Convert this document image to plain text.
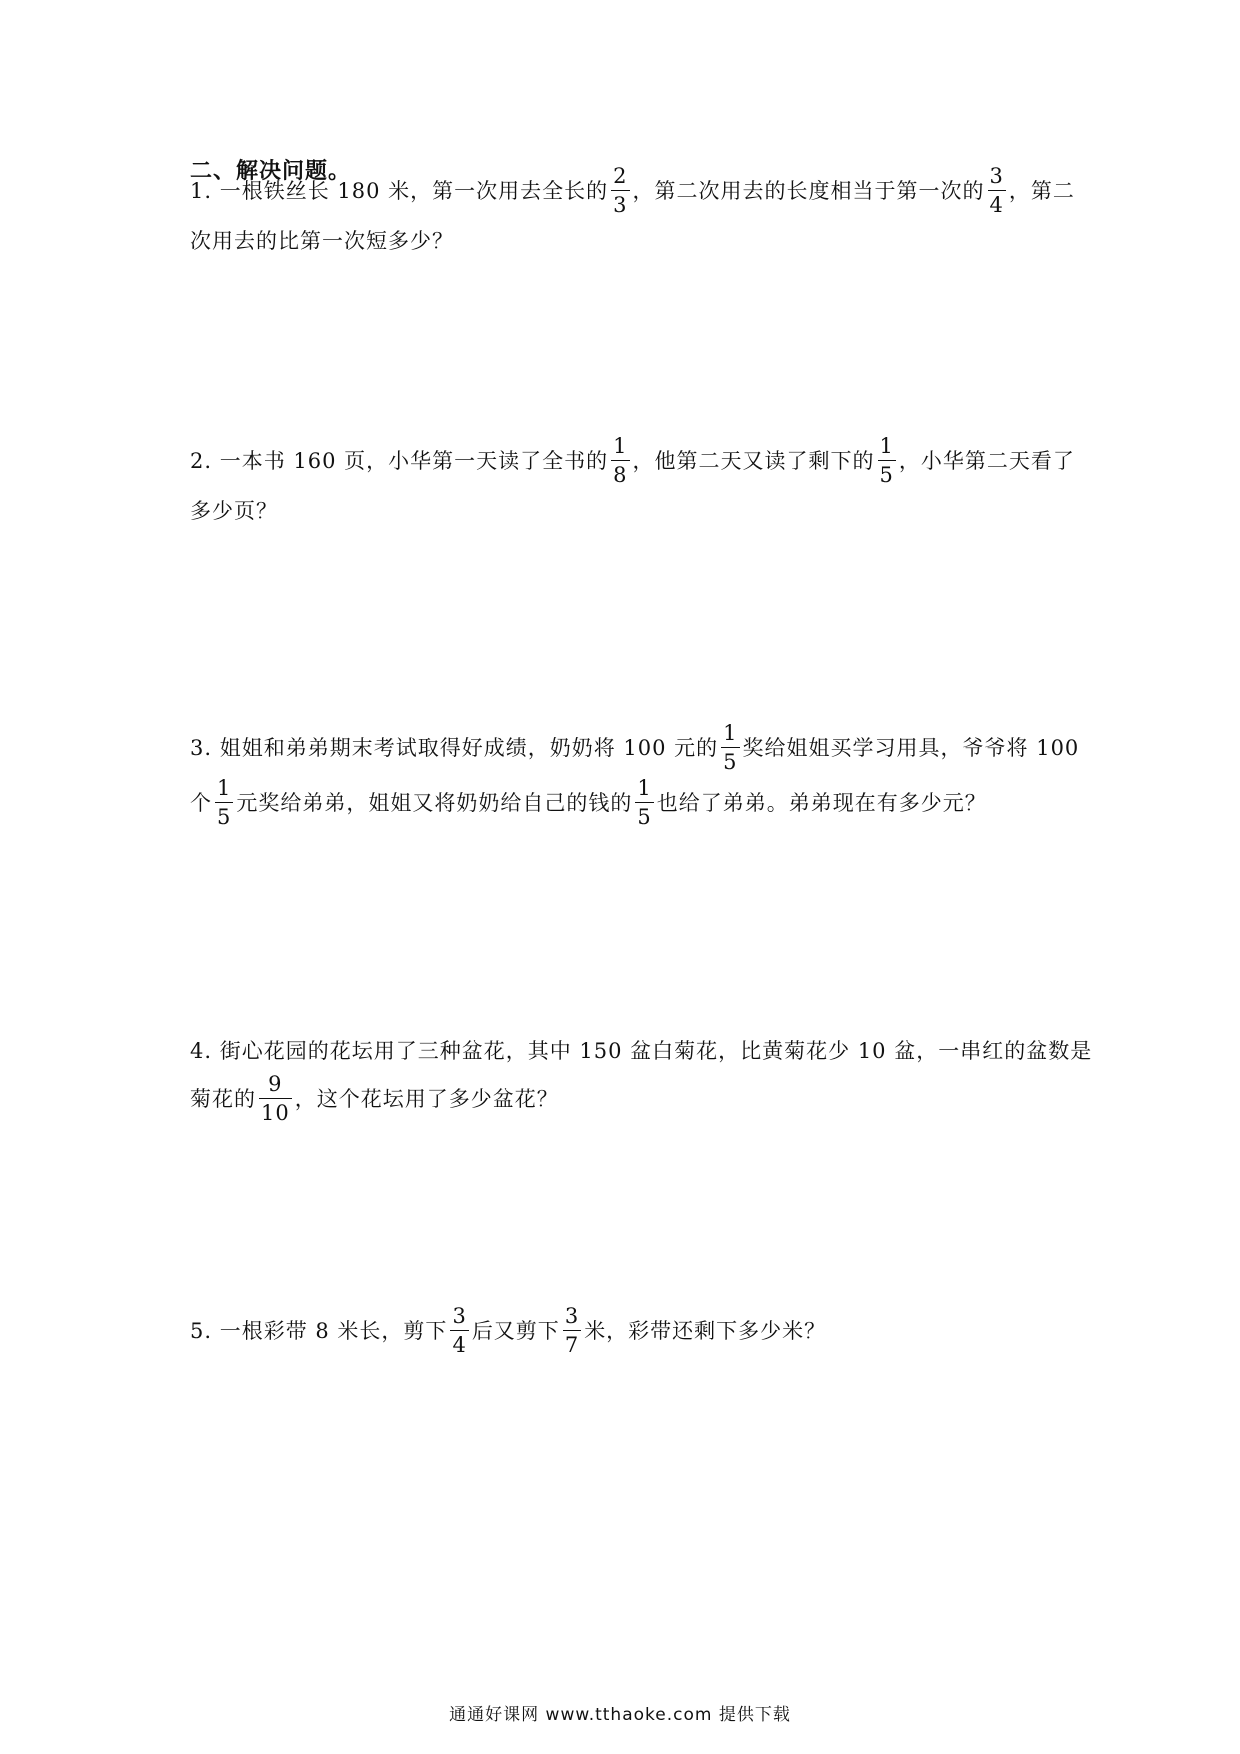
二、解决问题。
1. 一根铁丝长 180 米，第一次用去全长的 $\frac{2}{3}$ ，第二次用去的长度相当于第一次的 $\frac{3}{4}$ ，第二
次用去的比第一次短多少？
2. 一本书 160 页，小华第一天读了全书的 $\frac{1}{8}$ ，他第二天又读了剩下的 $\frac{1}{5}$ ，小华第二天看了
多少页？
3. 姐姐和弟弟期末考试取得好成绩，奶奶将 100 元的 $\frac{1}{5}$ 奖给姐姐买学习用具，爷爷将 100
个 $\frac{1}{5}$ 元奖给弟弟，姐姐又将奶奶给自己的钱的 $\frac{1}{5}$ 也给了弟弟。弟弟现在有多少元？
4. 街心花园的花坛用了三种盆花，其中 150 盆白菊花，比黄菊花少 10 盆，一串红的盆数是
菊花的 $\frac{9}{10}$ ，这个花坛用了多少盆花？
5. 一根彩带 8 米长，剪下 $\frac{3}{4}$ 后又剪下 $\frac{3}{7}$ 米，彩带还剩下多少米？
通通好课网 www.tthaoke.com 提供下载
